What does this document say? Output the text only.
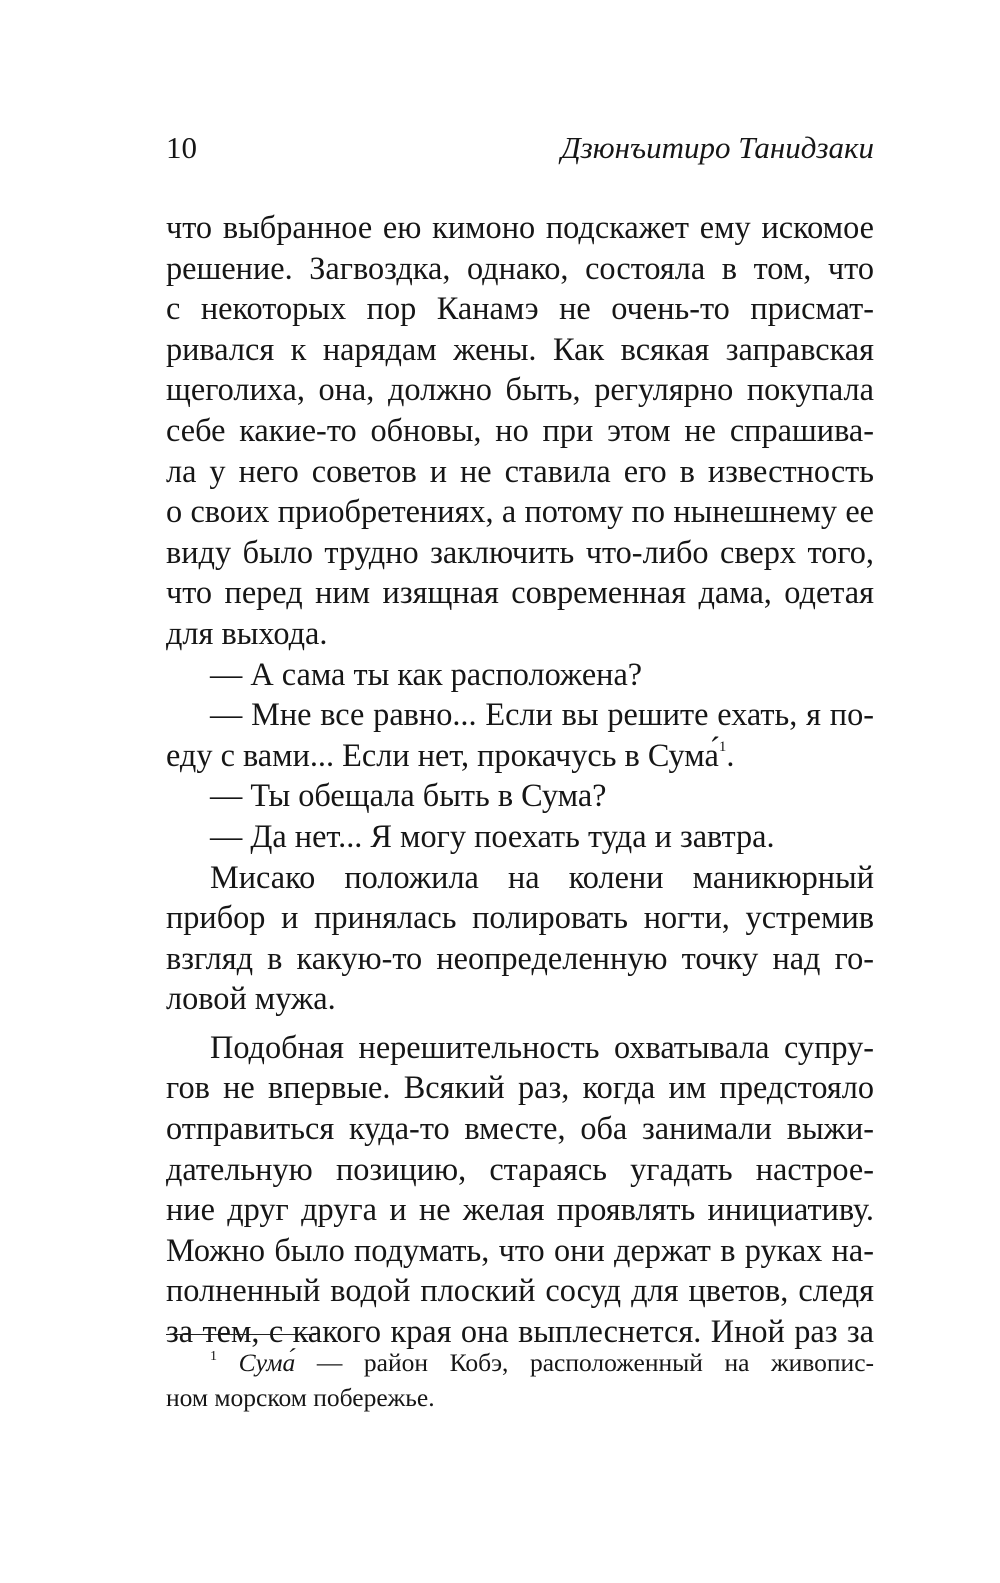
10	Дзюнъитиро Танидзаки
что выбранное ею кимоно подскажет ему искомое
решение. Загвоздка, однако, состояла в том, что
с некоторых пор Канамэ не очень-то присмат-
ривался к нарядам жены. Как всякая заправская
щеголиха, она, должно быть, регулярно покупала
себе какие-то обновы, но при этом не спрашива-
ла у него советов и не ставила его в известность
о своих приобретениях, а потому по нынешнему ее
виду было трудно заключить что-либо сверх того,
что перед ним изящная современная дама, одетая
для выхода.
— А сама ты как расположена?
— Мне все равно... Если вы решите ехать, я по-
еду с вами... Если нет, прокачусь в Сума́$^1$.
— Ты обещала быть в Сума?
— Да нет... Я могу поехать туда и завтра.
Мисако положила на колени маникюрный
прибор и принялась полировать ногти, устремив
взгляд в какую-то неопределенную точку над го-
ловой мужа.
Подобная нерешительность охватывала супру-
гов не впервые. Всякий раз, когда им предстояло
отправиться куда-то вместе, оба занимали выжи-
дательную позицию, стараясь угадать настрое-
ние друг друга и не желая проявлять инициативу.
Можно было подумать, что они держат в руках на-
полненный водой плоский сосуд для цветов, следя
за тем, с какого края она выплеснется. Иной раз за
$^1$ Сума́ — район Кобэ, расположенный на живопис-
ном морском побережье.
